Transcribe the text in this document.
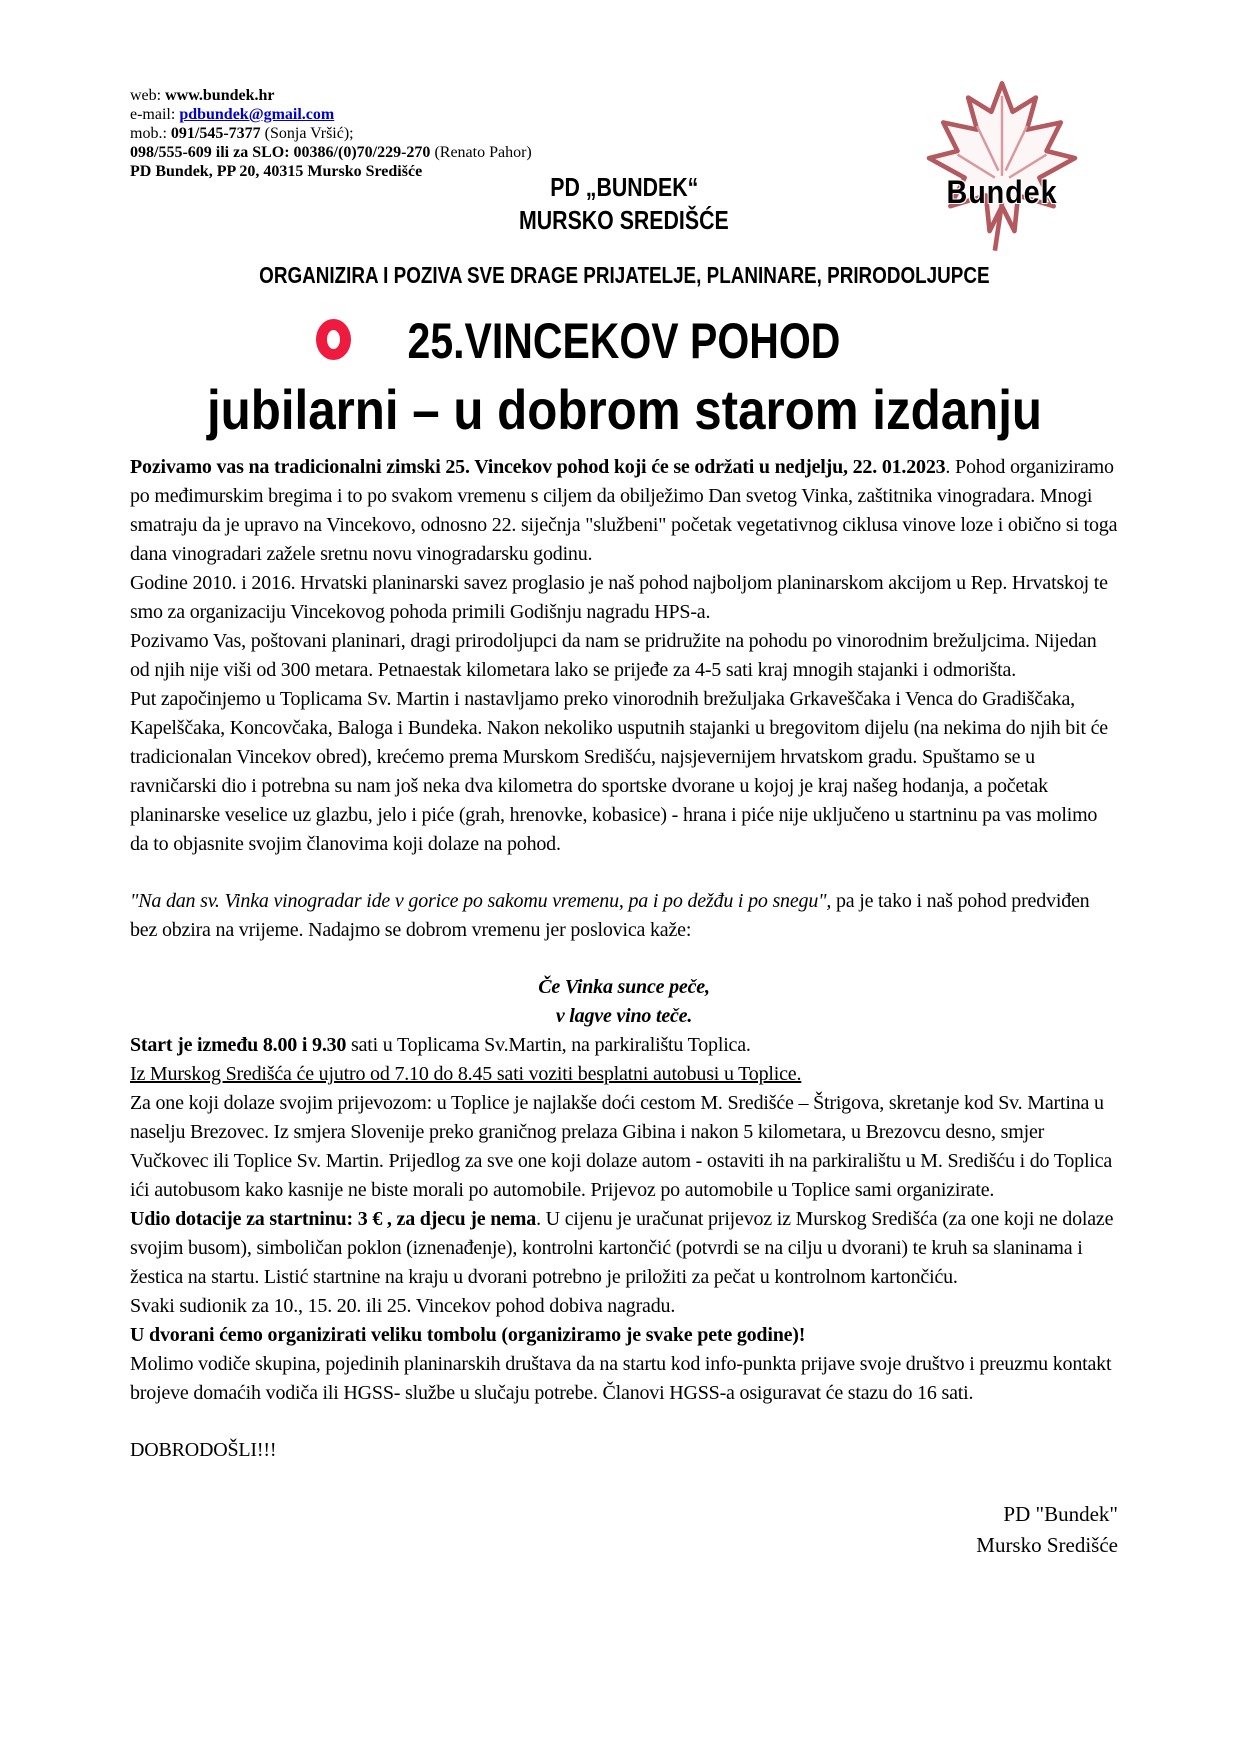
web: www.bundek.hr
e-mail: pdbundek@gmail.com
mob.: 091/545-7377 (Sonja Vršić);
098/555-609 ili za SLO: 00386/(0)70/229-270 (Renato Pahor)
PD Bundek, PP 20, 40315 Mursko Središće
Bundek
PD „BUNDEK“
MURSKO SREDIŠĆE
ORGANIZIRA I POZIVA SVE DRAGE PRIJATELJE, PLANINARE, PRIRODOLJUPCE
25.VINCEKOV POHOD
jubilarni – u dobrom starom izdanju

Pozivamo vas na tradicionalni zimski 25. Vincekov pohod koji će se održati u nedjelju, 22. 01.2023. Pohod organiziramo po međimurskim bregima i to po svakom vremenu s ciljem da obilježimo Dan svetog Vinka, zaštitnika vinogradara. Mnogi smatraju da je upravo na Vincekovo, odnosno 22. siječnja "službeni" početak vegetativnog ciklusa vinove loze i obično si toga dana vinogradari zažele sretnu novu vinogradarsku godinu.

Godine 2010. i 2016. Hrvatski planinarski savez proglasio je naš pohod najboljom planinarskom akcijom u Rep. Hrvatskoj te smo za organizaciju Vincekovog pohoda primili Godišnju nagradu HPS-a.

Pozivamo Vas, poštovani planinari, dragi prirodoljupci da nam se pridružite na pohodu po vinorodnim brežuljcima. Nijedan od njih nije viši od 300 metara. Petnaestak kilometara lako se prijeđe za 4-5 sati kraj mnogih stajanki i odmorišta.

Put započinjemo u Toplicama Sv. Martin i nastavljamo preko vinorodnih brežuljaka Grkaveščaka i Venca do Gradiščaka, Kapelščaka, Koncovčaka, Baloga i Bundeka. Nakon nekoliko usputnih stajanki u bregovitom dijelu (na nekima do njih bit će tradicionalan Vincekov obred), krećemo prema Murskom Središću, najsjevernijem hrvatskom gradu. Spuštamo se u ravničarski dio i potrebna su nam još neka dva kilometra do sportske dvorane u kojoj je kraj našeg hodanja, a početak planinarske veselice uz glazbu, jelo i piće (grah, hrenovke, kobasice) - hrana i piće nije uključeno u startninu pa vas molimo da to objasnite svojim članovima koji dolaze na pohod.

"Na dan sv. Vinka vinogradar ide v gorice po sakomu vremenu, pa i po dežđu i po snegu", pa je tako i naš pohod predviđen bez obzira na vrijeme. Nadajmo se dobrom vremenu jer poslovica kaže:

Če Vinka sunce peče,

v lagve vino teče.

Start je između 8.00 i 9.30 sati u Toplicama Sv.Martin, na parkiralištu Toplica.

Iz Murskog Središća će ujutro od 7.10 do 8.45 sati voziti besplatni autobusi u Toplice.

Za one koji dolaze svojim prijevozom: u Toplice je najlakše doći cestom M. Središće – Štrigova, skretanje kod Sv. Martina u naselju Brezovec. Iz smjera Slovenije preko graničnog prelaza Gibina i nakon 5 kilometara, u Brezovcu desno, smjer Vučkovec ili Toplice Sv. Martin. Prijedlog za sve one koji dolaze autom - ostaviti ih na parkiralištu u M. Središću i do Toplica ići autobusom kako kasnije ne biste morali po automobile. Prijevoz po automobile u Toplice sami organizirate.

Udio dotacije za startninu: 3 € , za djecu je nema. U cijenu je uračunat prijevoz iz Murskog Središća (za one koji ne dolaze svojim busom), simboličan poklon (iznenađenje), kontrolni kartončić (potvrdi se na cilju u dvorani) te kruh sa slaninama i žestica na startu. Listić startnine na kraju u dvorani potrebno je priložiti za pečat u kontrolnom kartončiću.

Svaki sudionik za 10., 15. 20. ili 25. Vincekov pohod dobiva nagradu.

U dvorani ćemo organizirati veliku tombolu (organiziramo je svake pete godine)!

Molimo vodiče skupina, pojedinih planinarskih društava da na startu kod info-punkta prijave svoje društvo i preuzmu kontakt brojeve domaćih vodiča ili HGSS- službe u slučaju potrebe. Članovi HGSS-a osiguravat će stazu do 16 sati.

DOBRODOŠLI!!!

PD "Bundek"
Mursko Središće
